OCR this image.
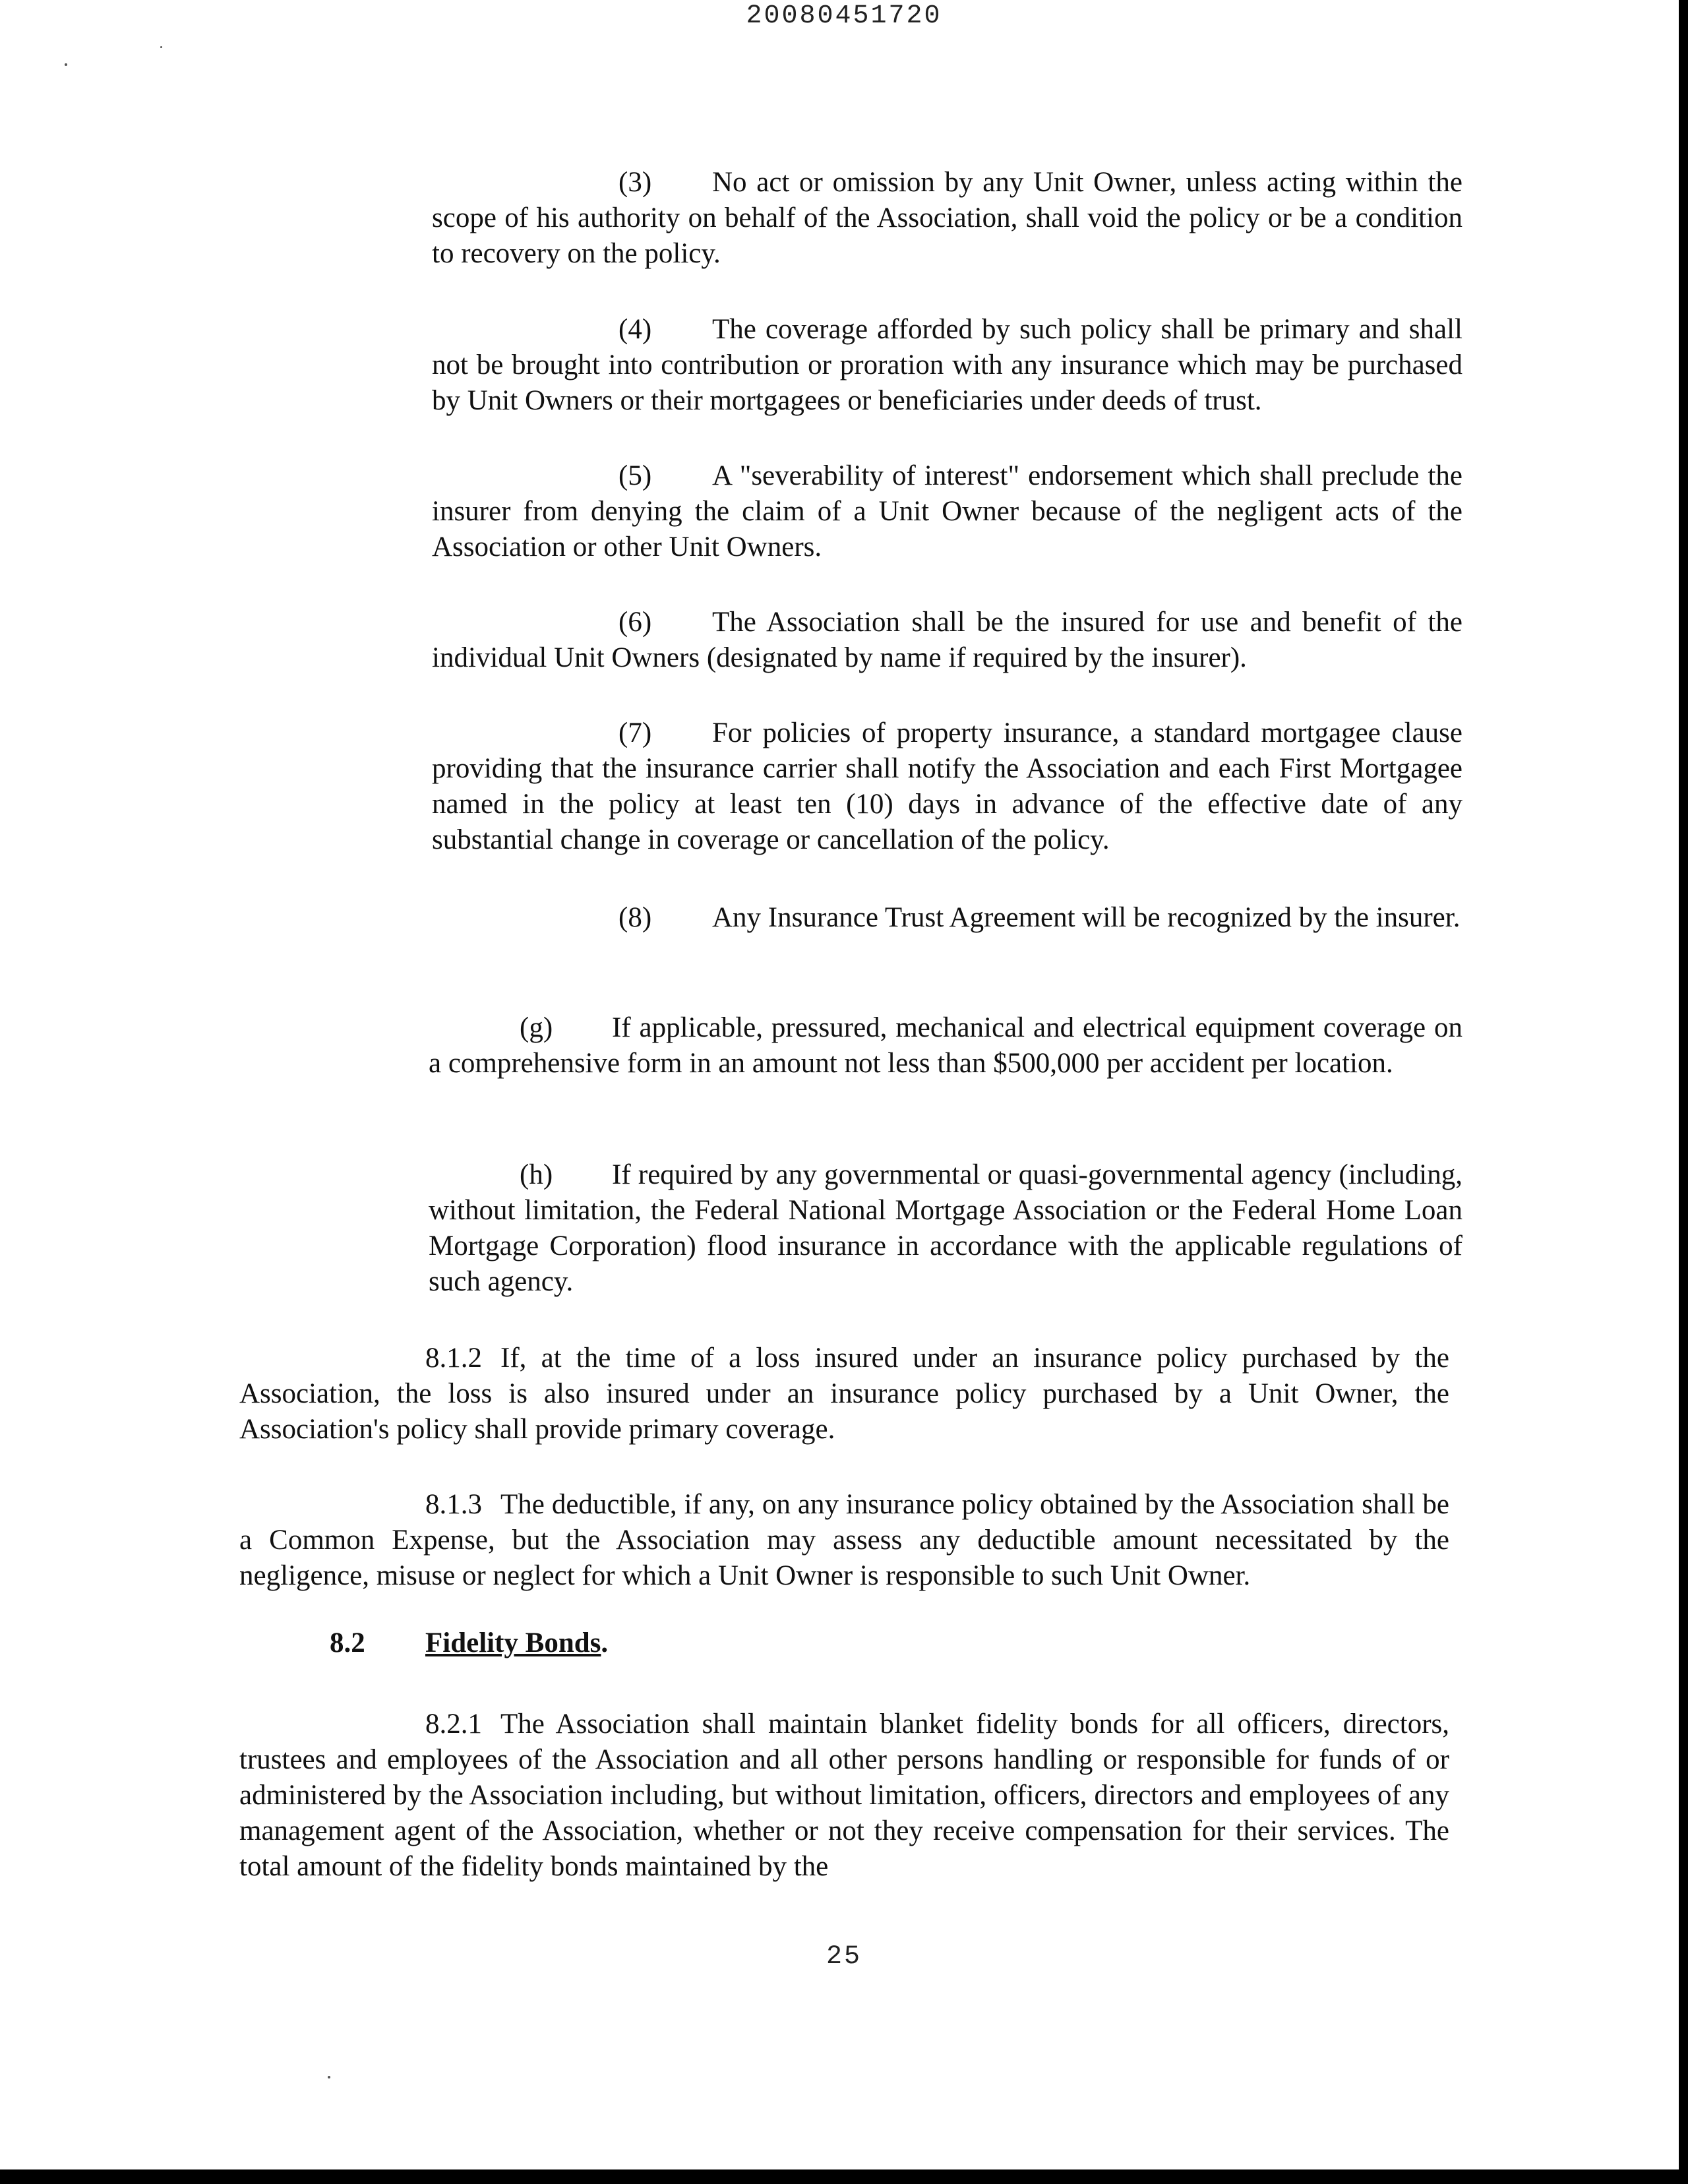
20080451720

(3) No act or omission by any Unit Owner, unless acting within the scope of his authority on behalf of the Association, shall void the policy or be a condition to recovery on the policy.

(4) The coverage afforded by such policy shall be primary and shall not be brought into contribution or proration with any insurance which may be purchased by Unit Owners or their mortgagees or beneficiaries under deeds of trust.

(5) A "severability of interest" endorsement which shall preclude the insurer from denying the claim of a Unit Owner because of the negligent acts of the Association or other Unit Owners.

(6) The Association shall be the insured for use and benefit of the individual Unit Owners (designated by name if required by the insurer).

(7) For policies of property insurance, a standard mortgagee clause providing that the insurance carrier shall notify the Association and each First Mortgagee named in the policy at least ten (10) days in advance of the effective date of any substantial change in coverage or cancellation of the policy.

(8) Any Insurance Trust Agreement will be recognized by the insurer.

(g) If applicable, pressured, mechanical and electrical equipment coverage on a comprehensive form in an amount not less than $500,000 per accident per location.

(h) If required by any governmental or quasi-governmental agency (including, without limitation, the Federal National Mortgage Association or the Federal Home Loan Mortgage Corporation) flood insurance in accordance with the applicable regulations of such agency.

8.1.2 If, at the time of a loss insured under an insurance policy purchased by the Association, the loss is also insured under an insurance policy purchased by a Unit Owner, the Association's policy shall provide primary coverage.

8.1.3 The deductible, if any, on any insurance policy obtained by the Association shall be a Common Expense, but the Association may assess any deductible amount necessitated by the negligence, misuse or neglect for which a Unit Owner is responsible to such Unit Owner.

8.2 Fidelity Bonds.

8.2.1 The Association shall maintain blanket fidelity bonds for all officers, directors, trustees and employees of the Association and all other persons handling or responsible for funds of or administered by the Association including, but without limitation, officers, directors and employees of any management agent of the Association, whether or not they receive compensation for their services. The total amount of the fidelity bonds maintained by the

25
